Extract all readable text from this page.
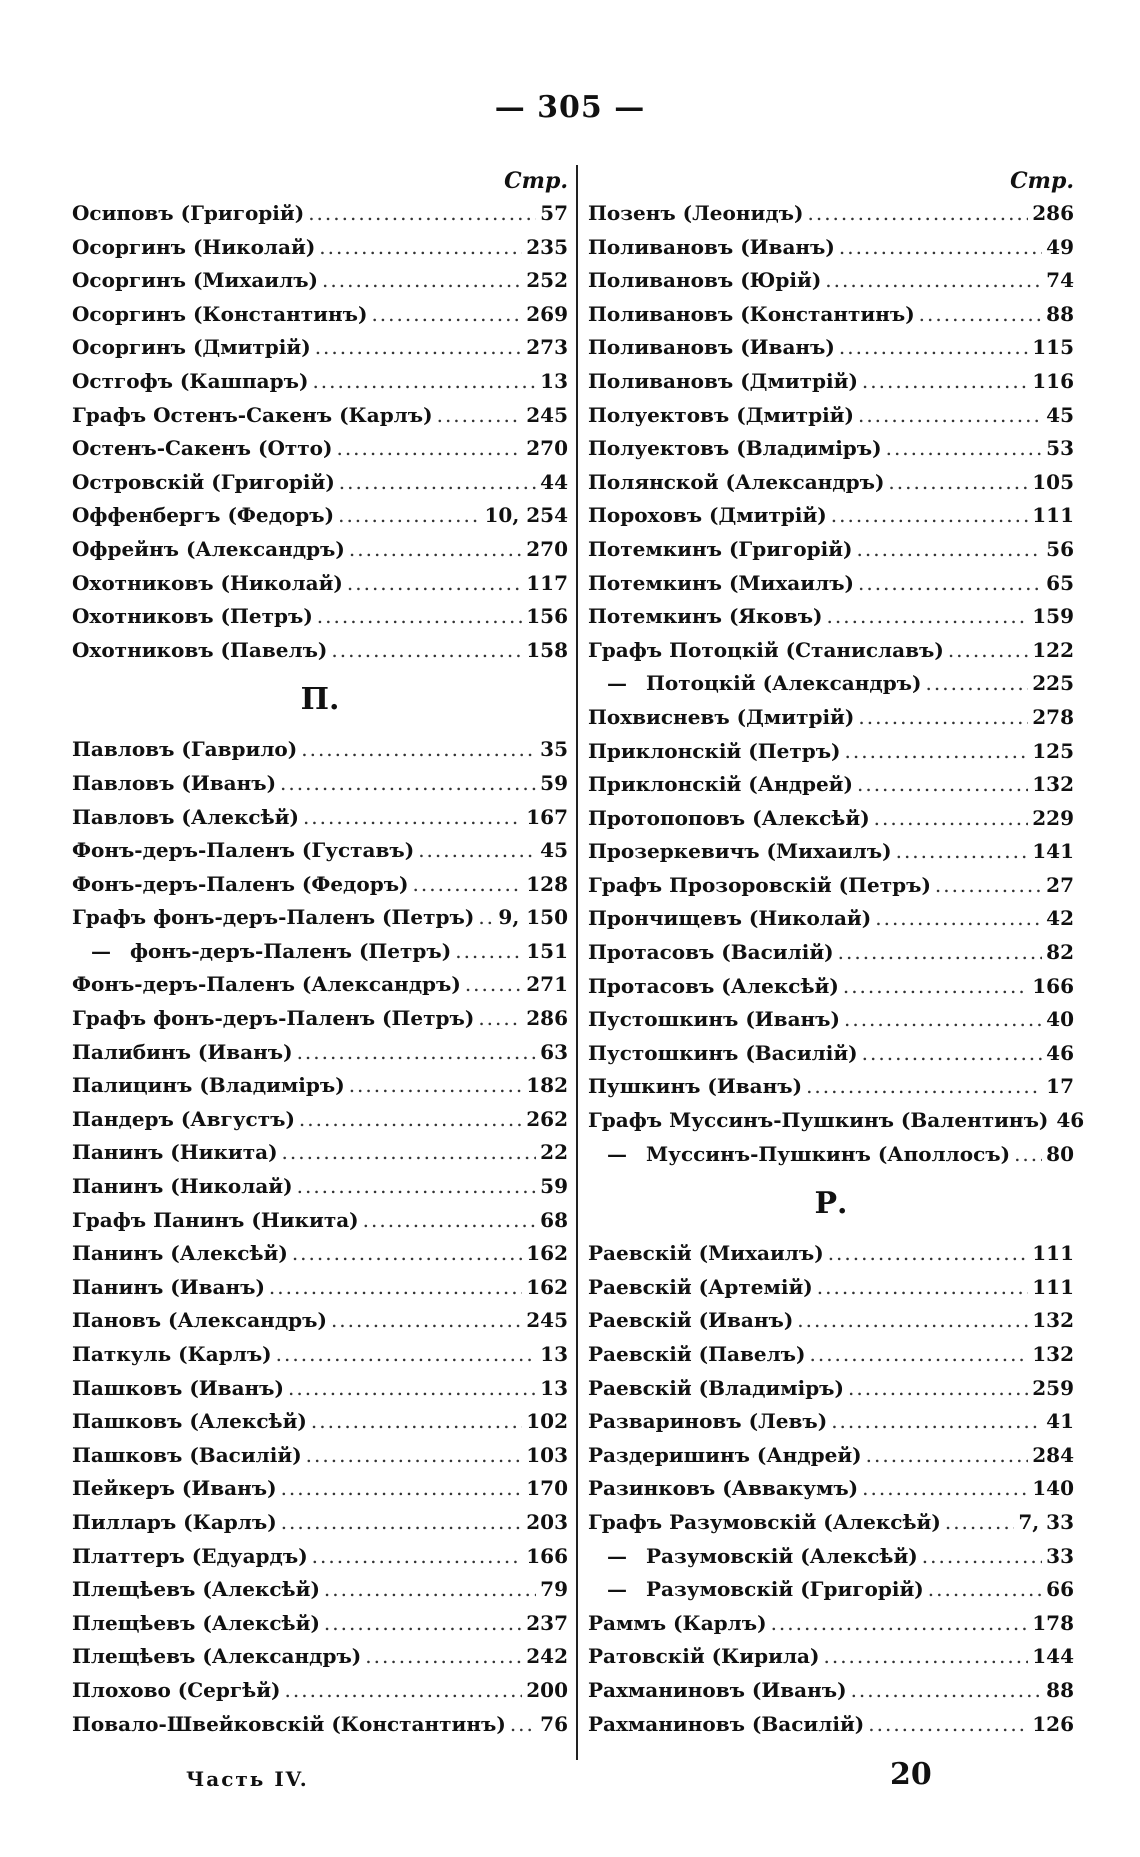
— 305 —
Стр.
Осиповъ (Григорій) .....	57
Осоргинъ (Николай) .....	235
Осоргинъ (Михаилъ) .....	252
Осоргинъ (Константинъ) .....	269
Осоргинъ (Дмитрій) .....	273
Остгофъ (Кашпаръ) .....	13
Графъ Остенъ-Сакенъ (Карлъ) .....	245
Остенъ-Сакенъ (Отто) .....	270
Островскій (Григорій) .....	44
Оффенбергъ (Федоръ) .....	10, 254
Офрейнъ (Александръ) .....	270
Охотниковъ (Николай) .....	117
Охотниковъ (Петръ) .....	156
Охотниковъ (Павелъ) .....	158
П.
Павловъ (Гаврило) .....	35
Павловъ (Иванъ) .....	59
Павловъ (Алексѣй) .....	167
Фонъ-деръ-Паленъ (Густавъ) .....	45
Фонъ-деръ-Паленъ (Федоръ) .....	128
Графъ фонъ-деръ-Паленъ (Петръ) ..... 9, 150
— фонъ-деръ-Паленъ (Петръ) .....	151
Фонъ-деръ-Паленъ (Александръ) .....	271
Графъ фонъ-деръ-Паленъ (Петръ) .....	286
Палибинъ (Иванъ) .....	63
Палицинъ (Владиміръ) .....	182
Пандеръ (Августъ) .....	262
Панинъ (Никита) .....	22
Панинъ (Николай) .....	59
Графъ Панинъ (Никита) .....	68
Панинъ (Алексѣй) .....	162
Панинъ (Иванъ) .....	162
Пановъ (Александръ) .....	245
Паткуль (Карлъ) .....	13
Пашковъ (Иванъ) .....	13
Пашковъ (Алексѣй) .....	102
Пашковъ (Василій) .....	103
Пейкеръ (Иванъ) .....	170
Пилларъ (Карлъ) .....	203
Платтеръ (Едуардъ) .....	166
Плещѣевъ (Алексѣй) .....	79
Плещѣевъ (Алексѣй) .....	237
Плещѣевъ (Александръ) .....	242
Плохово (Сергѣй) .....	200
Повало-Швейковскій (Константинъ) ..... 76
Стр.
Позенъ (Леонидъ) .....	286
Поливановъ (Иванъ) .....	49
Поливановъ (Юрій) .....	74
Поливановъ (Константинъ) .....	88
Поливановъ (Иванъ) .....	115
Поливановъ (Дмитрій) .....	116
Полуектовъ (Дмитрій) .....	45
Полуектовъ (Владиміръ) .....	53
Полянской (Александръ) .....	105
Пороховъ (Дмитрій) .....	111
Потемкинъ (Григорій) .....	56
Потемкинъ (Михаилъ) .....	65
Потемкинъ (Яковъ) .....	159
Графъ Потоцкій (Станиславъ) .....	122
— Потоцкій (Александръ) .....	225
Похвисневъ (Дмитрій) .....	278
Приклонскій (Петръ) .....	125
Приклонскій (Андрей) .....	132
Протопоповъ (Алексѣй) .....	229
Прозеркевичъ (Михаилъ) .....	141
Графъ Прозоровскій (Петръ) .....	27
Прончищевъ (Николай) .....	42
Протасовъ (Василій) .....	82
Протасовъ (Алексѣй) .....	166
Пустошкинъ (Иванъ) .....	40
Пустошкинъ (Василій) .....	46
Пушкинъ (Иванъ) .....	17
Графъ Муссинъ-Пушкинъ (Валентинъ) 46
— Муссинъ-Пушкинъ (Аполлосъ) ..... 80
Р.
Раевскій (Михаилъ) .....	111
Раевскій (Артемій) .....	111
Раевскій (Иванъ) .....	132
Раевскій (Павелъ) .....	132
Раевскій (Владиміръ) .....	259
Развариновъ (Левъ) .....	41
Раздеришинъ (Андрей) .....	284
Разинковъ (Аввакумъ) .....	140
Графъ Разумовскій (Алексѣй) .....	7, 33
— Разумовскій (Алексѣй) .....	33
— Разумовскій (Григорій) .....	66
Раммъ (Карлъ) .....	178
Ратовскій (Кирила) .....	144
Рахманиновъ (Иванъ) .....	88
Рахманиновъ (Василій) .....	126
Часть IV.	20
